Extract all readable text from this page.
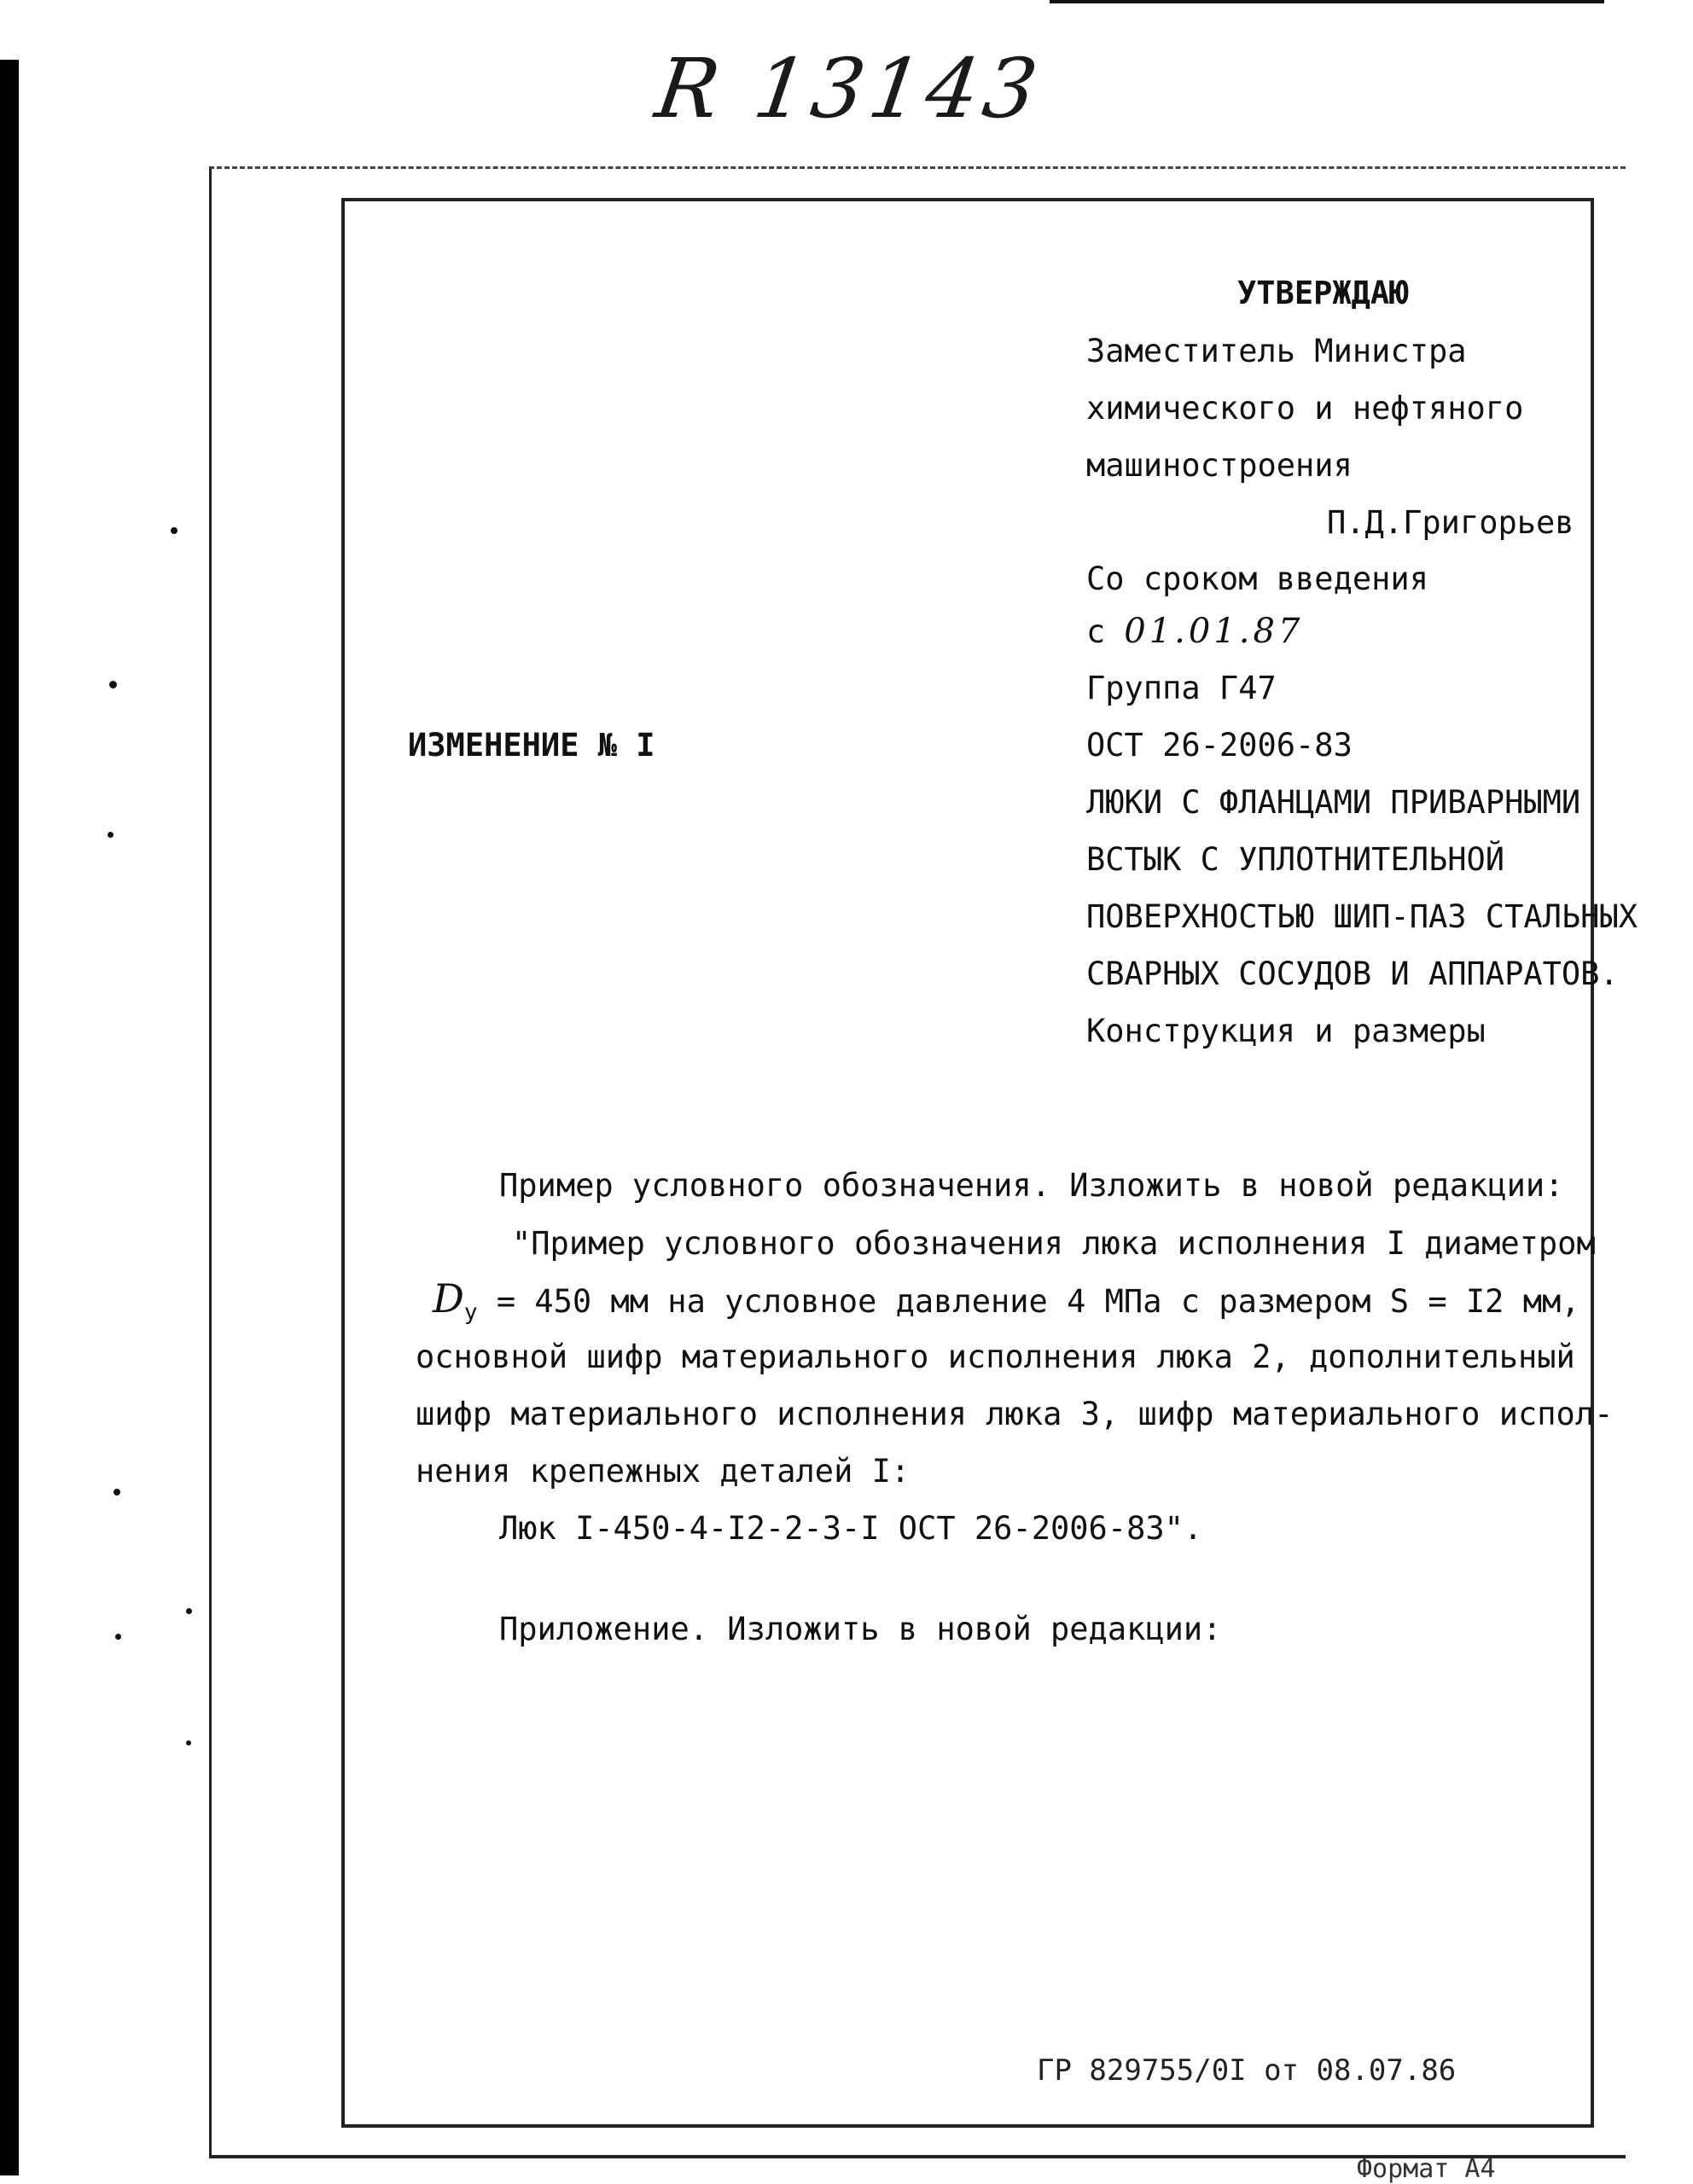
R 13143
УТВЕРЖДАЮ
Заместитель Министра
химического и нефтяного
машиностроения
П.Д.Григорьев
Со сроком введения
с 01.01.87
Группа Г47
ОСТ 26-2006-83
ЛЮКИ С ФЛАНЦАМИ ПРИВАРНЫМИ
ВСТЫК С УПЛОТНИТЕЛЬНОЙ
ПОВЕРХНОСТЬЮ ШИП-ПАЗ СТАЛЬНЫХ
СВАРНЫХ СОСУДОВ И АППАРАТОВ.
Конструкция и размеры
ИЗМЕНЕНИЕ № I
Пример условного обозначения. Изложить в новой редакции:
"Пример условного обозначения люка исполнения I диаметром
$D_у = 450$ мм на условное давление 4 МПа с размером S = I2 мм,
основной шифр материального исполнения люка 2, дополнительный
шифр материального исполнения люка 3, шифр материального испол-
нения крепежных деталей I:
Люк I-450-4-I2-2-3-I ОСТ 26-2006-83".
Приложение. Изложить в новой редакции:
ГР 829755/0I от 08.07.86
Формат А4
